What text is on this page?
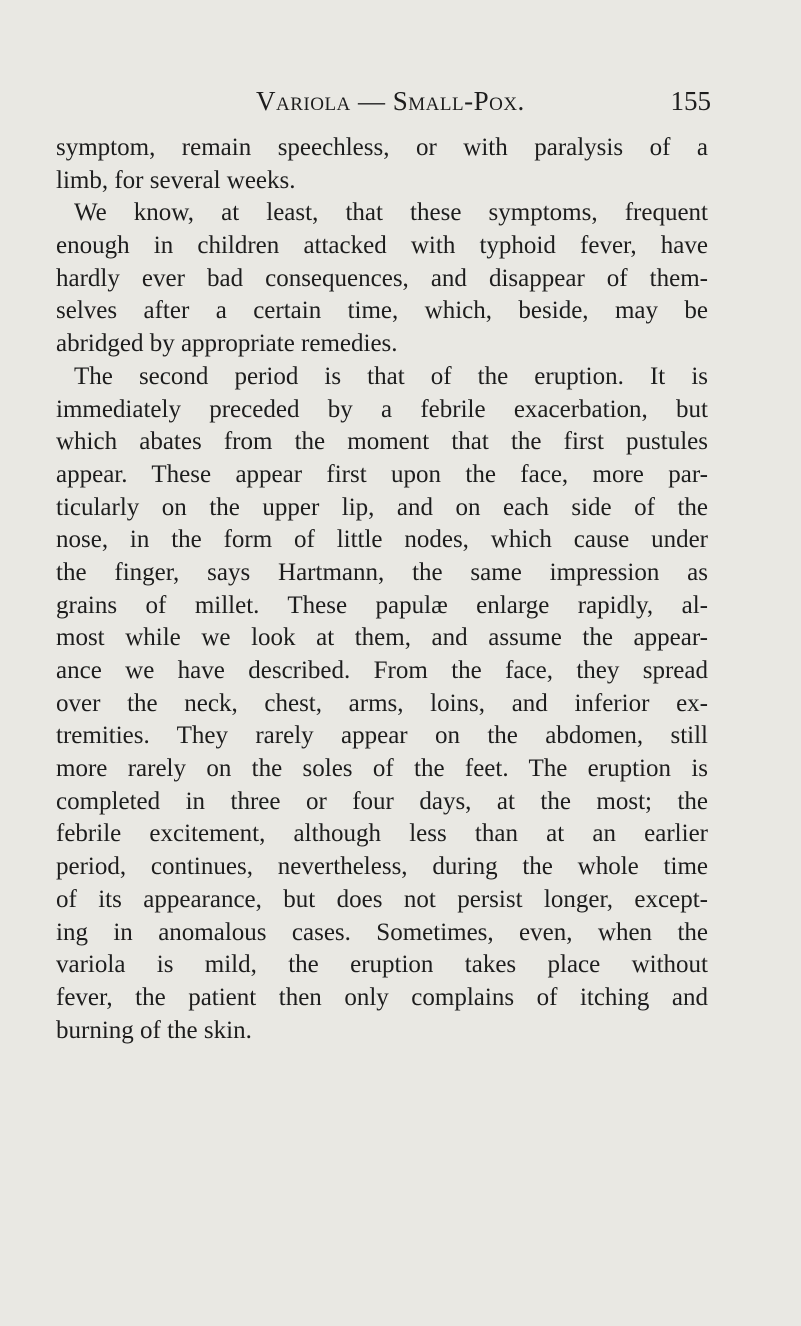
Variola — Small-Pox.	155
symptom, remain speechless, or with paralysis of a
limb, for several weeks.
We know, at least, that these symptoms, frequent
enough in children attacked with typhoid fever, have
hardly ever bad consequences, and disappear of them-
selves after a certain time, which, beside, may be
abridged by appropriate remedies.
The second period is that of the eruption. It is
immediately preceded by a febrile exacerbation, but
which abates from the moment that the first pustules
appear. These appear first upon the face, more par-
ticularly on the upper lip, and on each side of the
nose, in the form of little nodes, which cause under
the finger, says Hartmann, the same impression as
grains of millet. These papulæ enlarge rapidly, al-
most while we look at them, and assume the appear-
ance we have described. From the face, they spread
over the neck, chest, arms, loins, and inferior ex-
tremities. They rarely appear on the abdomen, still
more rarely on the soles of the feet. The eruption is
completed in three or four days, at the most; the
febrile excitement, although less than at an earlier
period, continues, nevertheless, during the whole time
of its appearance, but does not persist longer, except-
ing in anomalous cases. Sometimes, even, when the
variola is mild, the eruption takes place without
fever, the patient then only complains of itching and
burning of the skin.
